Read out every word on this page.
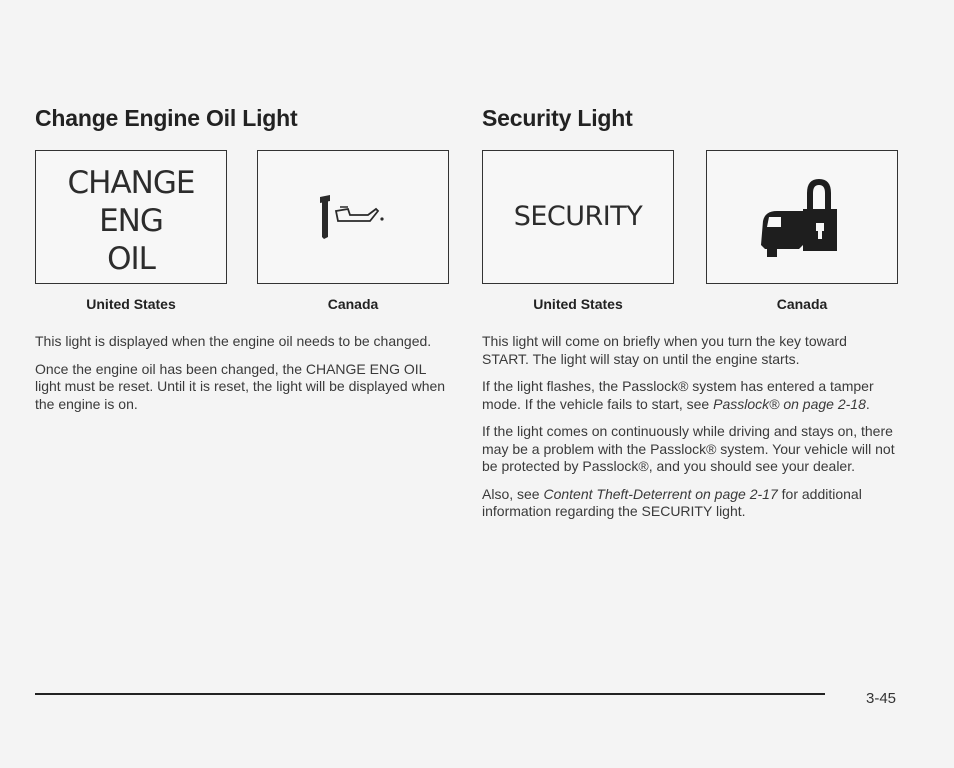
Change Engine Oil Light
CHANGE
ENG
OIL
United States	Canada

This light is displayed when the engine oil needs to be changed.

Once the engine oil has been changed, the CHANGE ENG OIL light must be reset. Until it is reset, the light will be displayed when the engine is on.

Security Light
SECURITY
United States	Canada

This light will come on briefly when you turn the key toward START. The light will stay on until the engine starts.

If the light flashes, the Passlock® system has entered a tamper mode. If the vehicle fails to start, see Passlock® on page 2-18.

If the light comes on continuously while driving and stays on, there may be a problem with the Passlock® system. Your vehicle will not be protected by Passlock®, and you should see your dealer.

Also, see Content Theft-Deterrent on page 2-17 for additional information regarding the SECURITY light.

3-45
